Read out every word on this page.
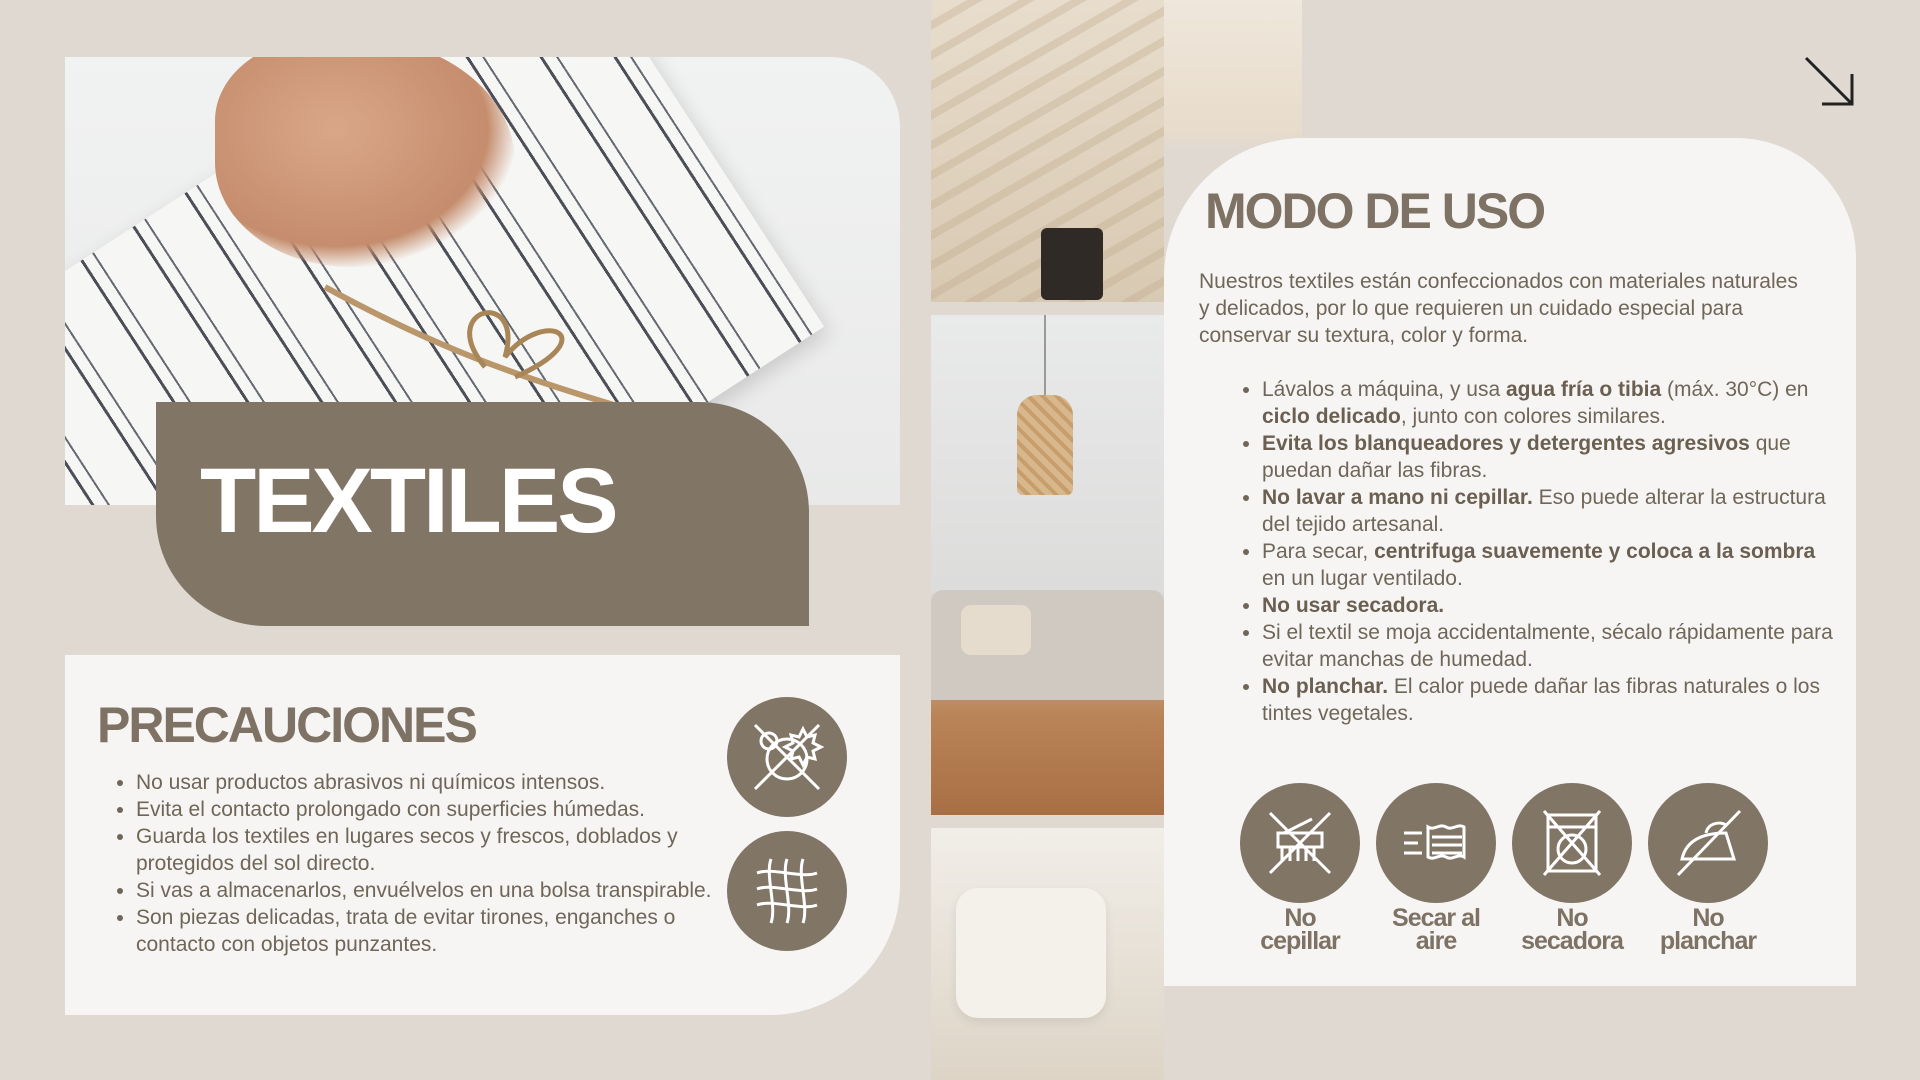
TEXTILES
PRECAUCIONES
• No usar productos abrasivos ni químicos intensos.
• Evita el contacto prolongado con superficies húmedas.
• Guarda los textiles en lugares secos y frescos, doblados y protegidos del sol directo.
• Si vas a almacenarlos, envuélvelos en una bolsa transpirable.
• Son piezas delicadas, trata de evitar tirones, enganches o contacto con objetos punzantes.
MODO DE USO

Nuestros textiles están confeccionados con materiales naturales y delicados, por lo que requieren un cuidado especial para conservar su textura, color y forma.

• Lávalos a máquina, y usa agua fría o tibia (máx. 30°C) en ciclo delicado, junto con colores similares.
• Evita los blanqueadores y detergentes agresivos que puedan dañar las fibras.
• No lavar a mano ni cepillar. Eso puede alterar la estructura del tejido artesanal.
• Para secar, centrifuga suavemente y coloca a la sombra en un lugar ventilado.
• No usar secadora.
• Si el textil se moja accidentalmente, sécalo rápidamente para evitar manchas de humedad.
• No planchar. El calor puede dañar las fibras naturales o los tintes vegetales.
No
cepillar
Secar al
aire
No
secadora
No
planchar
